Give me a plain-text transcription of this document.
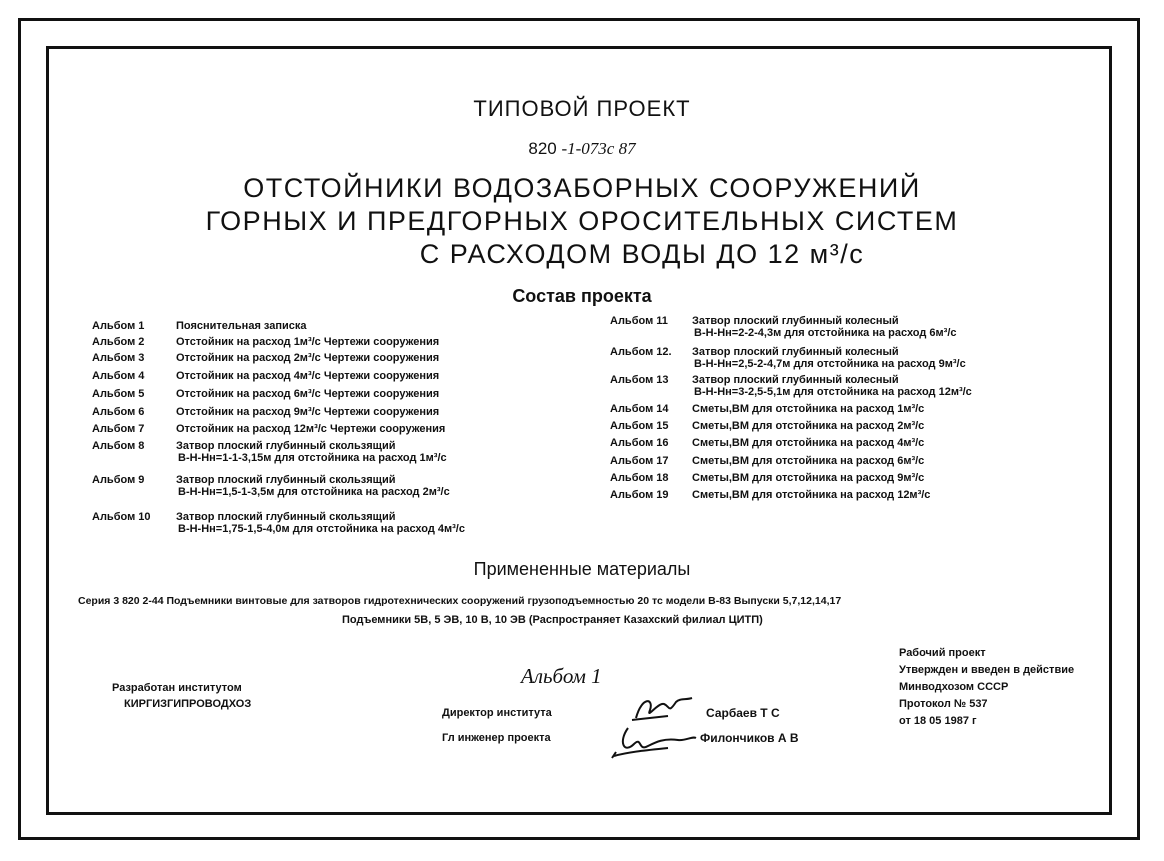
ТИПОВОЙ ПРОЕКТ
820 -1-073с 87
ОТСТОЙНИКИ ВОДОЗАБОРНЫХ СООРУЖЕНИЙ
ГОРНЫХ И ПРЕДГОРНЫХ ОРОСИТЕЛЬНЫХ СИСТЕМ
С РАСХОДОМ ВОДЫ ДО 12 м³/с
Состав проекта
Альбом 1	Пояснительная записка
Альбом 2	Отстойник на расход 1м³/с Чертежи сооружения
Альбом 3	Отстойник на расход 2м³/с Чертежи сооружения
Альбом 4	Отстойник на расход 4м³/с Чертежи сооружения
Альбом 5	Отстойник на расход 6м³/с Чертежи сооружения
Альбом 6	Отстойник на расход 9м³/с Чертежи сооружения
Альбом 7	Отстойник на расход 12м³/с Чертежи сооружения
Альбом 8	Затвор плоский глубинный скользящий
В-Н-Нн=1-1-3,15м для отстойника на расход 1м³/с
Альбом 9	Затвор плоский глубинный скользящий
В-Н-Нн=1,5-1-3,5м для отстойника на расход 2м³/с
Альбом 10 Затвор плоский глубинный скользящий
В-Н-Нн=1,75-1,5-4,0м для отстойника на расход 4м³/с
Альбом 11 Затвор плоский глубинный колесный
В-Н-Нн=2-2-4,3м для отстойника на расход 6м³/с
Альбом 12. Затвор плоский глубинный колесный
В-Н-Нн=2,5-2-4,7м для отстойника на расход 9м³/с
Альбом 13 Затвор плоский глубинный колесный
В-Н-Нн=3-2,5-5,1м для отстойника на расход 12м³/с
Альбом 14 Сметы,ВМ для отстойника на расход 1м³/с
Альбом 15 Сметы,ВМ для отстойника на расход 2м³/с
Альбом 16 Сметы,ВМ для отстойника на расход 4м³/с
Альбом 17 Сметы,ВМ для отстойника на расход 6м³/с
Альбом 18 Сметы,ВМ для отстойника на расход 9м³/с
Альбом 19 Сметы,ВМ для отстойника на расход 12м³/с
Примененные материалы
Серия 3 820 2-44 Подъемники винтовые для затворов гидротехнических сооружений грузоподъемностью 20 тс модели В-83 Выпуски 5,7,12,14,17
Подъемники 5В, 5 ЭВ, 10 В, 10 ЭВ (Распространяет Казахский филиал ЦИТП)
Разработан институтом
КИРГИЗГИПРОВОДХОЗ
Альбом 1
Директор института
Гл инженер проекта
Сарбаев Т С
Филончиков А В
Рабочий проект
Утвержден и введен в действие
Минводхозом СССР
Протокол № 537
от 18 05 1987 г
